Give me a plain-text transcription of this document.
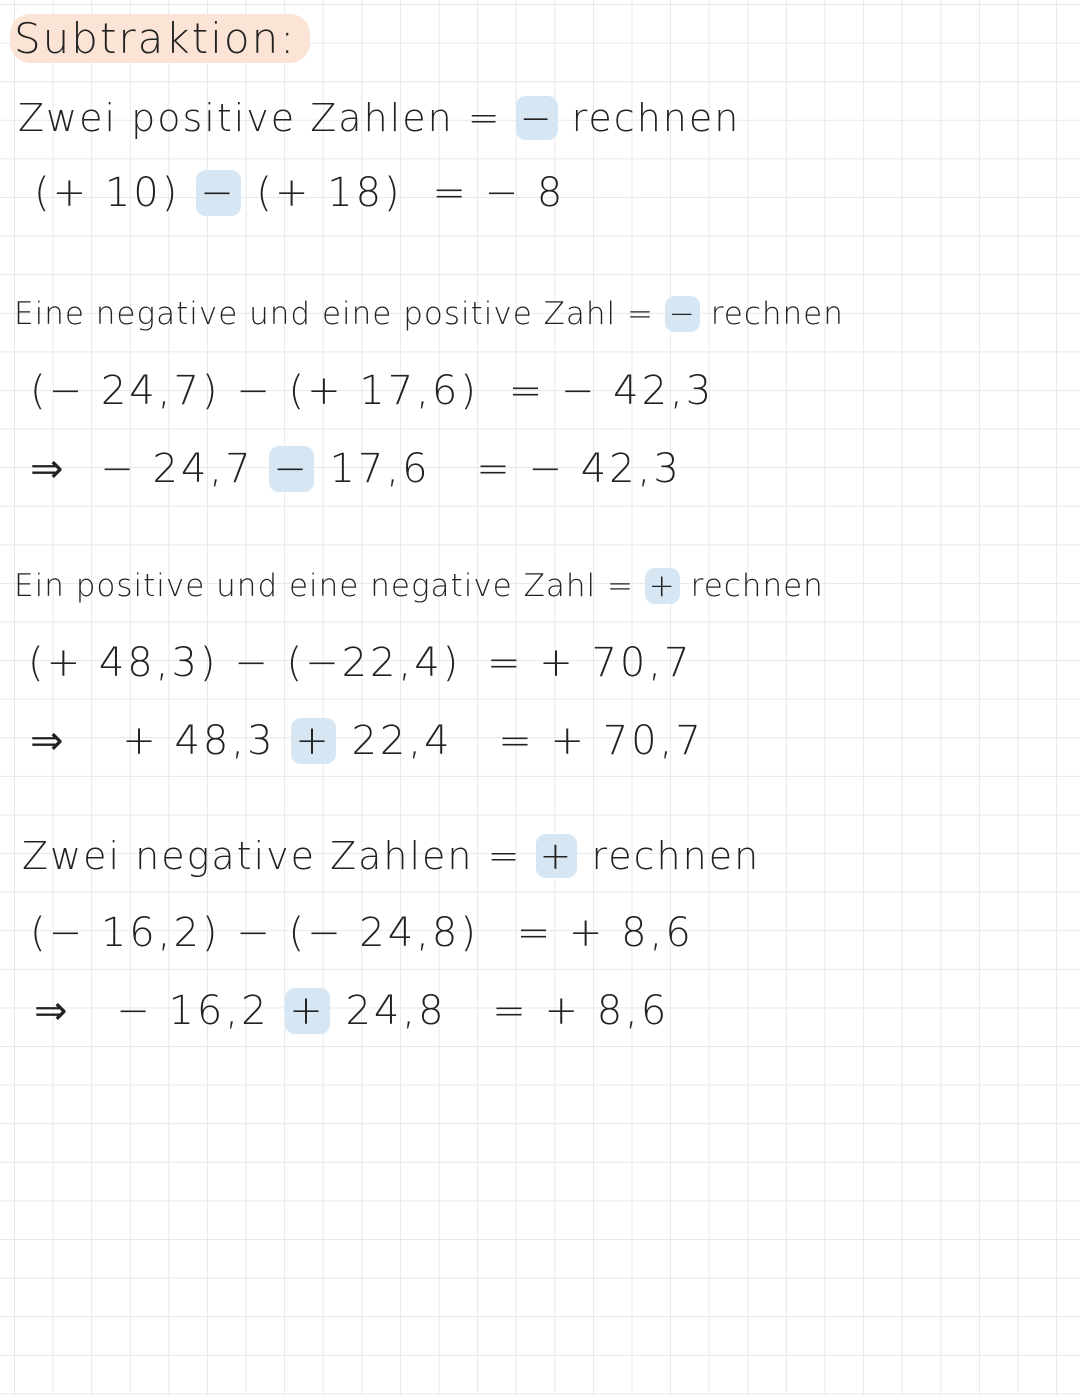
Subtraktion:
Zwei positive Zahlen = − rechnen
(+ 10) − (+ 18) = − 8
Eine negative und eine positive Zahl = − rechnen
(− 24,7) − (+ 17,6) = − 42,3
⇒ − 24,7 − 17,6 = − 42,3
Ein positive und eine negative Zahl = + rechnen
(+ 48,3) − (−22,4) = + 70,7
⇒ + 48,3 + 22,4 = + 70,7
Zwei negative Zahlen = + rechnen
(− 16,2) − (− 24,8) = + 8,6
⇒ − 16,2 + 24,8 = + 8,6
